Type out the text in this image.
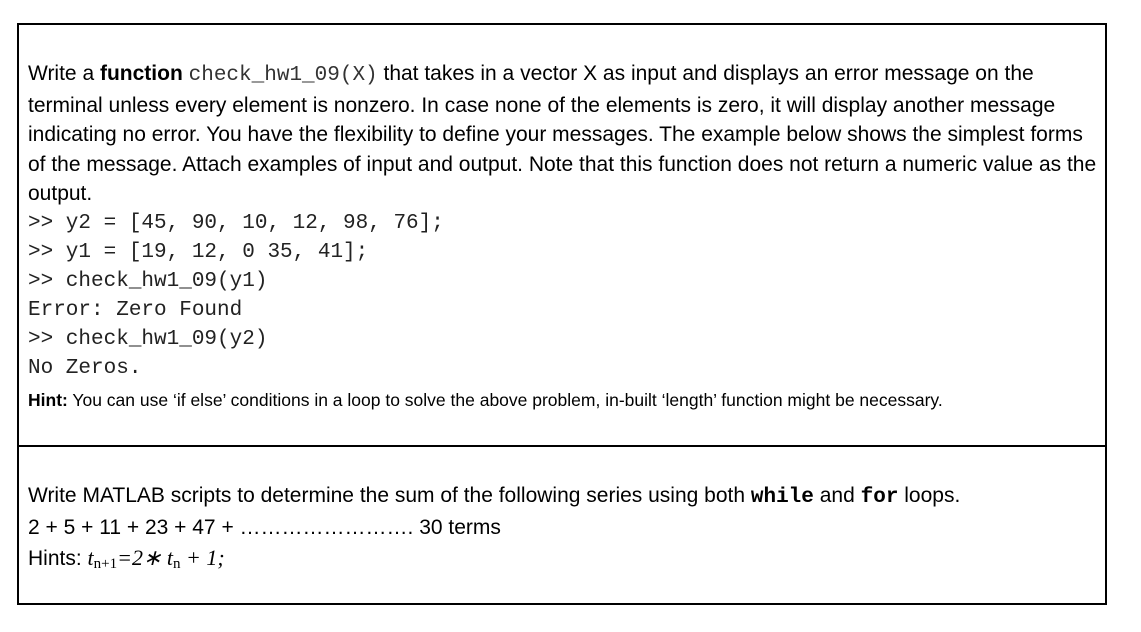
Write a function check_hw1_09(X) that takes in a vector X as input and displays an error message on the terminal unless every element is nonzero. In case none of the elements is zero, it will display another message indicating no error. You have the flexibility to define your messages. The example below shows the simplest forms of the message. Attach examples of input and output. Note that this function does not return a numeric value as the output.

>> y2 = [45, 90, 10, 12, 98, 76];
>> y1 = [19, 12, 0 35, 41];
>> check_hw1_09(y1)
Error: Zero Found
>> check_hw1_09(y2)
No Zeros.

Hint: You can use ‘if else’ conditions in a loop to solve the above problem, in-built ‘length’ function might be necessary.

Write MATLAB scripts to determine the sum of the following series using both while and for loops.

2 + 5 + 11 + 23 + 47 + ……………………. 30 terms

Hints: tn+1=2∗ tn + 1;
